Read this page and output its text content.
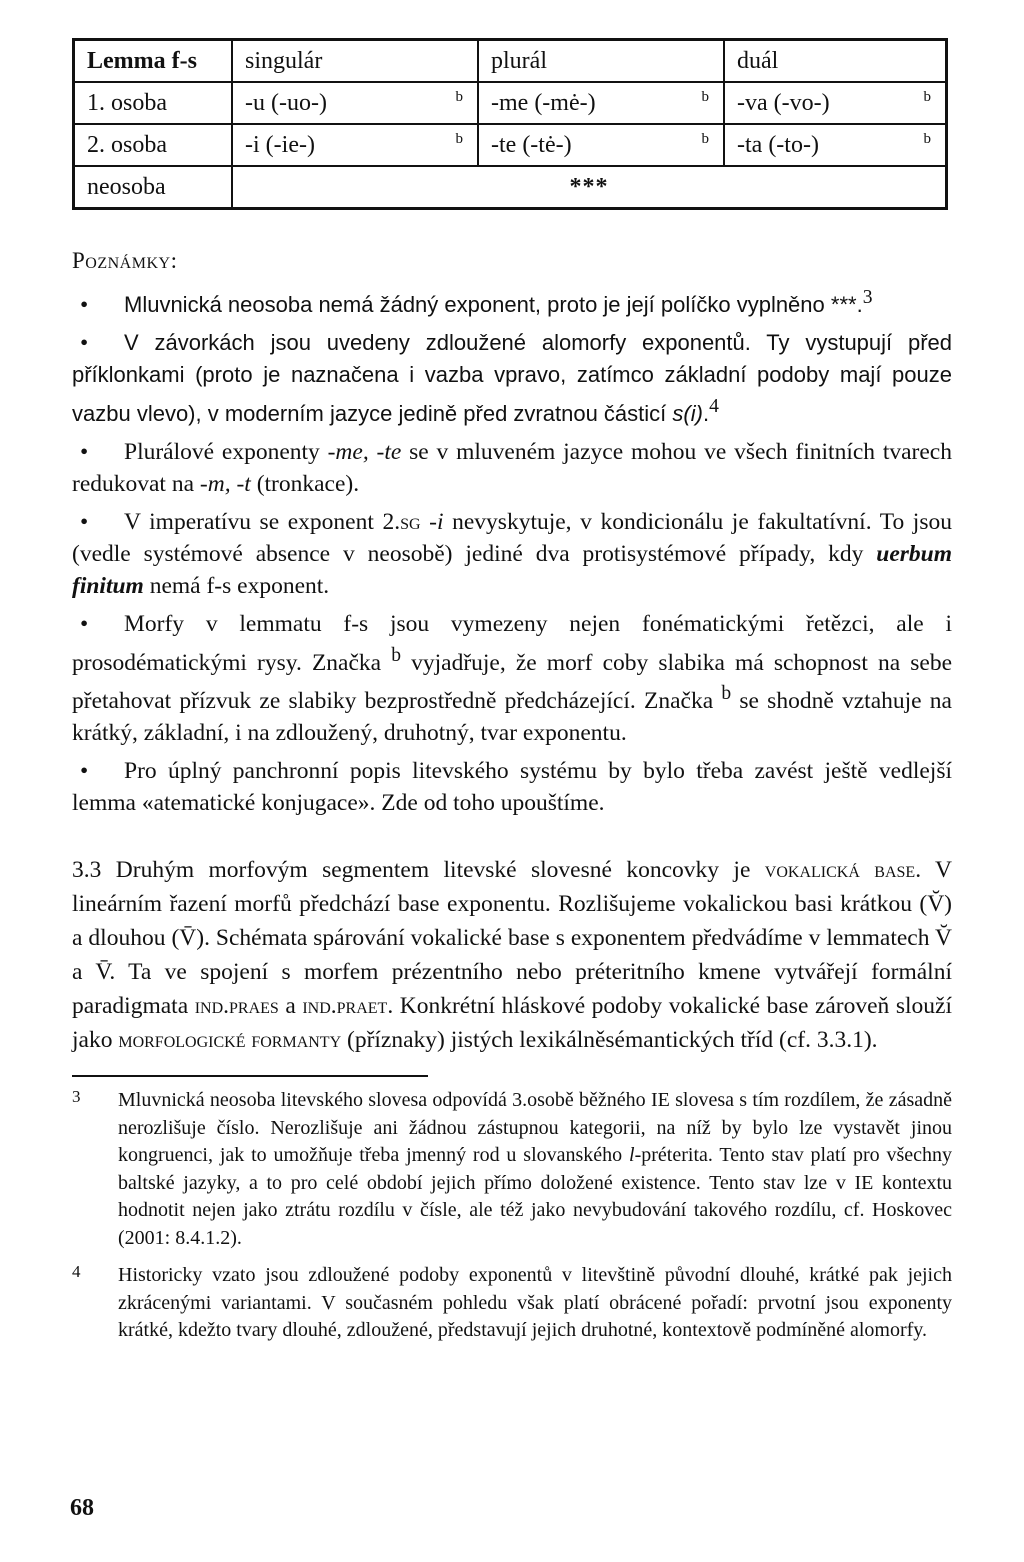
Lemma f-s	singulár	plurál	duál
1. osoba	-u (-uo-) b	-me (-mė-) b	-va (-vo-) b

2. osoba	-i (-ie-) b	-te (-tė-) b	-ta (-to-) b

neosoba	***		
Poznámky:
• Mluvnická neosoba nemá žádný exponent, proto je její políčko vyplněno ***.$^3$
• V závorkách jsou uvedeny zdloužené alomorfy exponentů. Ty vystupují před příklonkami (proto je naznačena i vazba vpravo, zatímco základní podoby mají pouze vazbu vlevo), v moderním jazyce jedině před zvratnou částicí s(i).$^4$
• Plurálové exponenty -me, -te se v mluveném jazyce mohou ve všech finitních tvarech redukovat na -m, -t (tronkace).
• V imperatívu se exponent 2.sg -i nevyskytuje, v kondicionálu je fakultatívní. To jsou (vedle systémové absence v neosobě) jediné dva protisystémové případy, kdy uerbum finitum nemá f-s exponent.
• Morfy v lemmatu f-s jsou vymezeny nejen fonématickými řetězci, ale i prosodématickými rysy. Značka $^b$ vyjadřuje, že morf coby slabika má schopnost na sebe přetahovat přízvuk ze slabiky bezprostředně předcházející. Značka $^b$ se shodně vztahuje na krátký, základní, i na zdloužený, druhotný, tvar exponentu.
• Pro úplný panchronní popis litevského systému by bylo třeba zavést ještě vedlejší lemma «atematické konjugace». Zde od toho upouštíme.
3.3 Druhým morfovým segmentem litevské slovesné koncovky je vokalická base. V lineárním řazení morfů předchází base exponentu. Rozlišujeme vokalickou basi krátkou (V̆) a dlouhou (V̄). Schémata spárování vokalické base s exponentem předvádíme v lemmatech V̆ a V̄. Ta ve spojení s morfem prézentního nebo préteritního kmene vytvářejí formální paradigmata ind.praes a ind.praet. Konkrétní hláskové podoby vokalické base zároveň slouží jako morfologické formanty (příznaky) jistých lexikálněsémantických tříd (cf. 3.3.1).
3 Mluvnická neosoba litevského slovesa odpovídá 3.osobě běžného IE slovesa s tím rozdílem, že zásadně nerozlišuje číslo. Nerozlišuje ani žádnou zástupnou kategorii, na níž by bylo lze vystavět jinou kongruenci, jak to umožňuje třeba jmenný rod u slovanského l-préterita. Tento stav platí pro všechny baltské jazyky, a to pro celé období jejich přímo doložené existence. Tento stav lze v IE kontextu hodnotit nejen jako ztrátu rozdílu v čísle, ale též jako nevybudování takového rozdílu, cf. Hoskovec (2001: 8.4.1.2).
4 Historicky vzato jsou zdloužené podoby exponentů v litevštině původní dlouhé, krátké pak jejich zkrácenými variantami. V současném pohledu však platí obrácené pořadí: prvotní jsou exponenty krátké, kdežto tvary dlouhé, zdloužené, představují jejich druhotné, kontextově podmíněné alomorfy.
68
